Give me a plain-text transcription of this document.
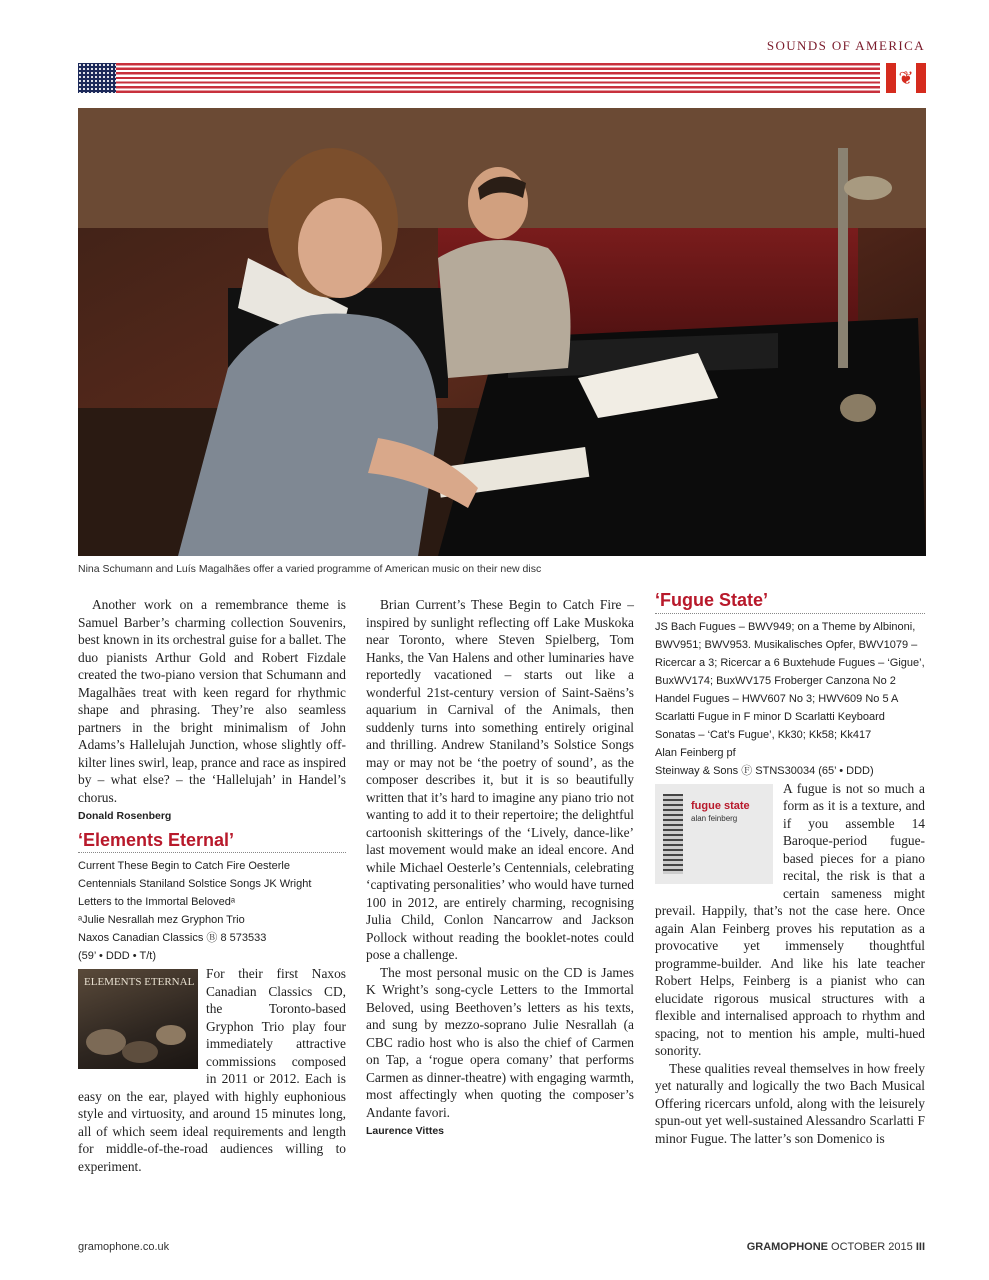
SOUNDS OF AMERICA
❦
Nina Schumann and Luís Magalhães offer a varied programme of American music on their new disc

Another work on a remembrance theme is Samuel Barber’s charming collection Souvenirs, best known in its orchestral guise for a ballet. The duo pianists Arthur Gold and Robert Fizdale created the two-piano version that Schumann and Magalhães treat with keen regard for rhythmic shape and phrasing. They’re also seamless partners in the bright minimalism of John Adams’s Hallelujah Junction, whose slightly off-kilter lines swirl, leap, prance and race as inspired by – what else? – the ‘Hallelujah’ in Handel’s chorus.

Donald Rosenberg
‘Elements Eternal’

Current These Begin to Catch Fire Oesterle Centennials Staniland Solstice Songs JK Wright Letters to the Immortal Belovedᵃ

ᵃJulie Nesrallah mez Gryphon Trio

Naxos Canadian Classics Ⓑ 8 573533

(59’ • DDD • T/t)

ELEMENTS ETERNAL

For their first Naxos Canadian Classics CD, the Toronto-based Gryphon Trio play four immediately attractive commissions composed in 2011 or 2012. Each is easy on the ear, played with highly euphonious style and virtuosity, and around 15 minutes long, all of which seem ideal requirements and length for middle-of-the-road audiences willing to experiment.

Brian Current’s These Begin to Catch Fire – inspired by sunlight reflecting off Lake Muskoka near Toronto, where Steven Spielberg, Tom Hanks, the Van Halens and other luminaries have reportedly vacationed – starts out like a wonderful 21st-century version of Saint-Saëns’s aquarium in Carnival of the Animals, then suddenly turns into something entirely original and thrilling. Andrew Staniland’s Solstice Songs may or may not be ‘the poetry of sound’, as the composer describes it, but it is so beautifully written that it’s hard to imagine any piano trio not wanting to add it to their repertoire; the delightful cartoonish skitterings of the ‘Lively, dance-like’ last movement would make an ideal encore. And while Michael Oesterle’s Centennials, celebrating ‘captivating personalities’ who would have turned 100 in 2012, are entirely charming, recognising Julia Child, Conlon Nancarrow and Jackson Pollock without reading the booklet-notes could pose a challenge.

The most personal music on the CD is James K Wright’s song-cycle Letters to the Immortal Beloved, using Beethoven’s letters as his texts, and sung by mezzo-soprano Julie Nesrallah (a CBC radio host who is also the chief of Carmen on Tap, a ‘rogue opera comany’ that performs Carmen as dinner-theatre) with engaging warmth, most affectingly when quoting the composer’s Andante favori.

Laurence Vittes
‘Fugue State’

JS Bach Fugues – BWV949; on a Theme by Albinoni, BWV951; BWV953. Musikalisches Opfer, BWV1079 – Ricercar a 3; Ricercar a 6 Buxtehude Fugues – ‘Gigue’, BuxWV174; BuxWV175 Froberger Canzona No 2 Handel Fugues – HWV607 No 3; HWV609 No 5 A Scarlatti Fugue in F minor D Scarlatti Keyboard Sonatas – ‘Cat’s Fugue’, Kk30; Kk58; Kk417

Alan Feinberg pf

Steinway & Sons Ⓕ STNS30034 (65’ • DDD)

fugue state
alan feinberg

A fugue is not so much a form as it is a texture, and if you assemble 14 Baroque-period fugue-based pieces for a piano recital, the risk is that a certain sameness might prevail. Happily, that’s not the case here. Once again Alan Feinberg proves his reputation as a provocative yet immensely thoughtful programme-builder. And like his late teacher Robert Helps, Feinberg is a pianist who can elucidate rigorous musical structures with a flexible and internalised approach to rhythm and spacing, not to mention his ample, multi-hued sonority.

These qualities reveal themselves in how freely yet naturally and logically the two Bach Musical Offering ricercars unfold, along with the leisurely spun-out yet well-sustained Alessandro Scarlatti F minor Fugue. The latter’s son Domenico is

gramophone.co.uk	GRAMOPHONE OCTOBER 2015 III
